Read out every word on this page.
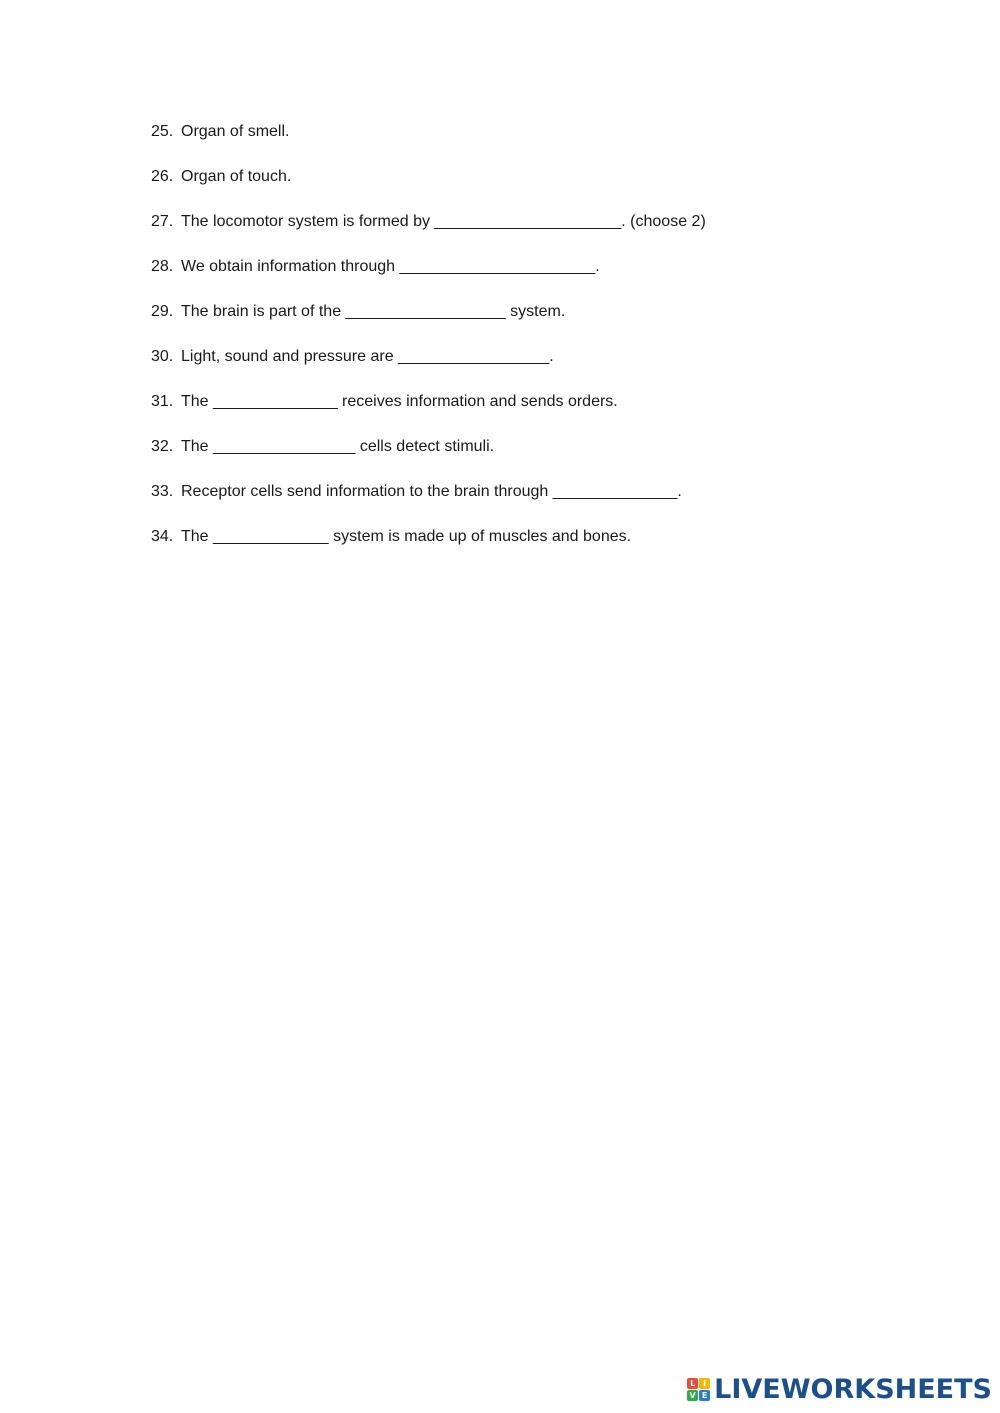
25. Organ of smell.
26. Organ of touch.
27. The locomotor system is formed by _____________________. (choose 2)
28. We obtain information through ______________________.
29. The brain is part of the __________________ system.
30. Light, sound and pressure are _________________.
31. The ______________ receives information and sends orders.
32. The ________________ cells detect stimuli.
33. Receptor cells send information to the brain through ______________.
34. The _____________ system is made up of muscles and bones.
L I
V E LIVEWORKSHEETS
